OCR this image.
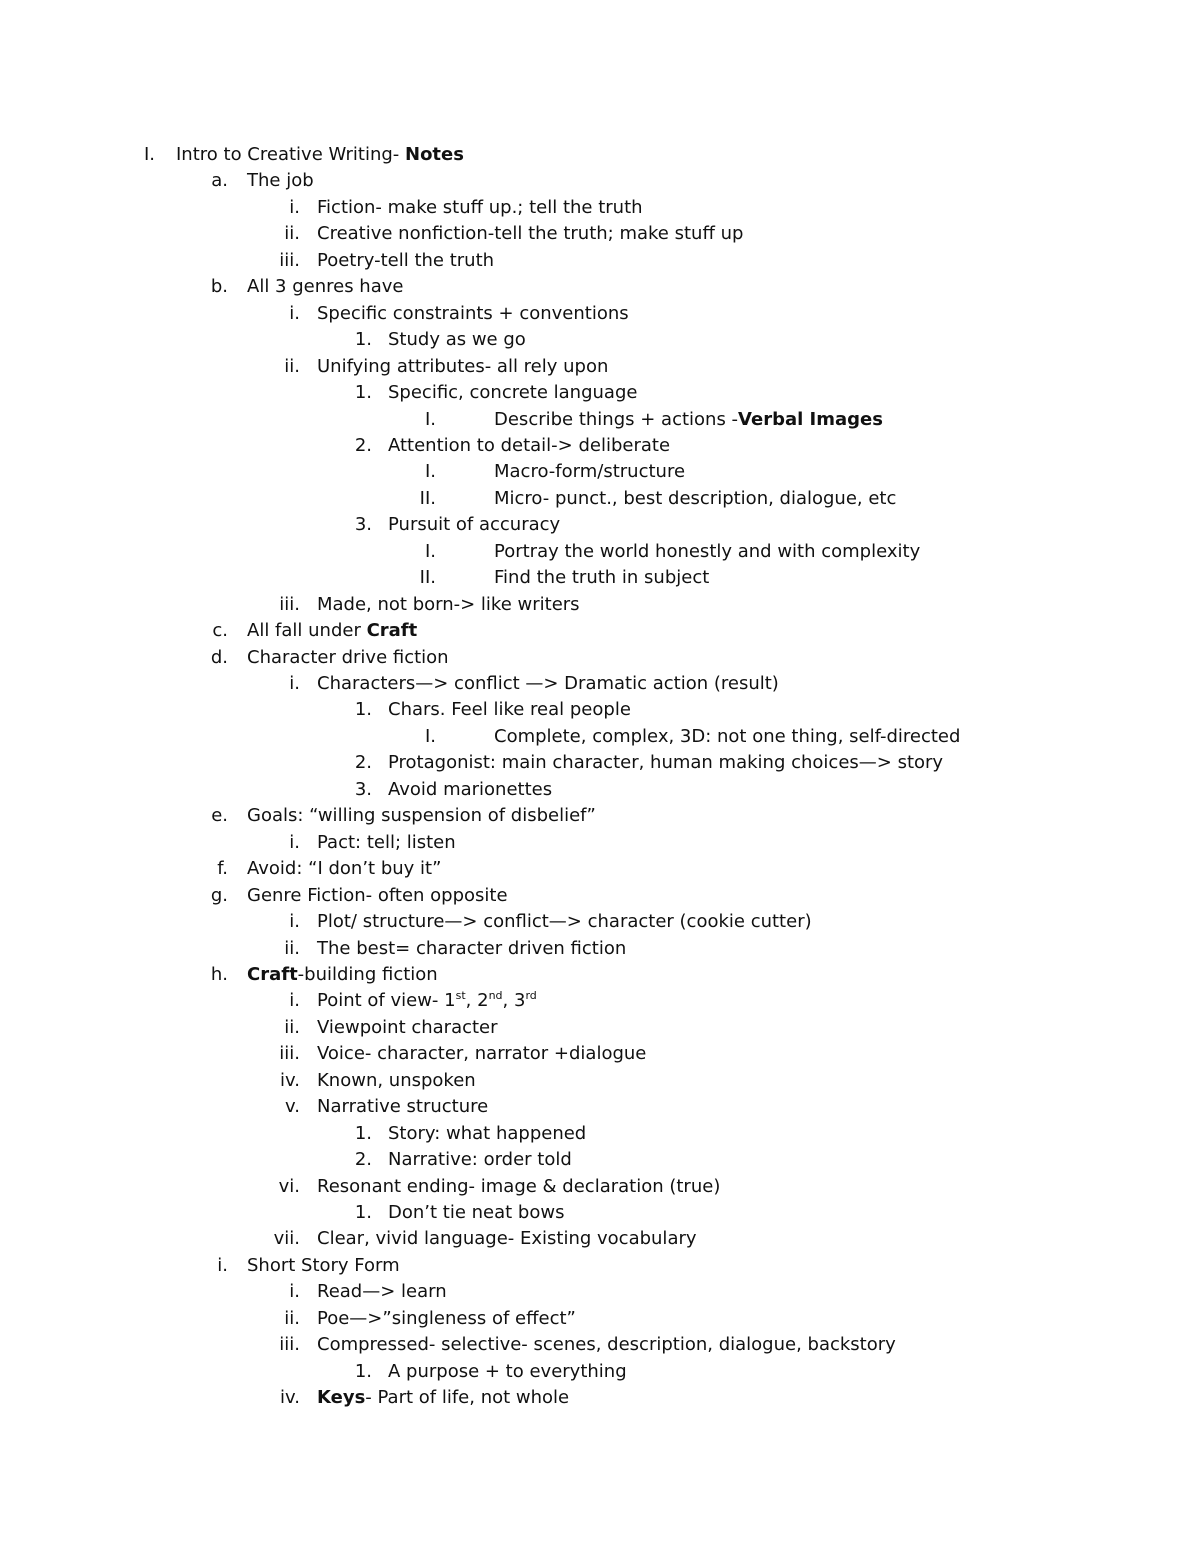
I. Intro to Creative Writing- Notes
a. The job
i. Fiction- make stuff up.; tell the truth
ii. Creative nonfiction-tell the truth; make stuff up
iii. Poetry-tell the truth
b. All 3 genres have
i. Specific constraints + conventions
1. Study as we go
ii. Unifying attributes- all rely upon
1. Specific, concrete language
I.	Describe things + actions -Verbal Images
2. Attention to detail-> deliberate
I.	Macro-form/structure
II.	Micro- punct., best description, dialogue, etc
3. Pursuit of accuracy
I.	Portray the world honestly and with complexity
II.	Find the truth in subject
iii. Made, not born-> like writers
c. All fall under Craft
d. Character drive fiction
i. Characters—> conflict —> Dramatic action (result)
1. Chars. Feel like real people
I.	Complete, complex, 3D: not one thing, self-directed
2. Protagonist: main character, human making choices—> story
3. Avoid marionettes
e. Goals: “willing suspension of disbelief”
i. Pact: tell; listen
f. Avoid: “I don’t buy it”
g. Genre Fiction- often opposite
i. Plot/ structure—> conflict—> character (cookie cutter)
ii. The best= character driven fiction
h. Craft-building fiction
i. Point of view- 1st, 2nd, 3rd
ii. Viewpoint character
iii. Voice- character, narrator +dialogue
iv. Known, unspoken
v. Narrative structure
1. Story: what happened
2. Narrative: order told
vi. Resonant ending- image & declaration (true)
1. Don’t tie neat bows
vii. Clear, vivid language- Existing vocabulary
i. Short Story Form
i. Read—> learn
ii. Poe—>”singleness of effect”
iii. Compressed- selective- scenes, description, dialogue, backstory
1. A purpose + to everything
iv. Keys- Part of life, not whole
